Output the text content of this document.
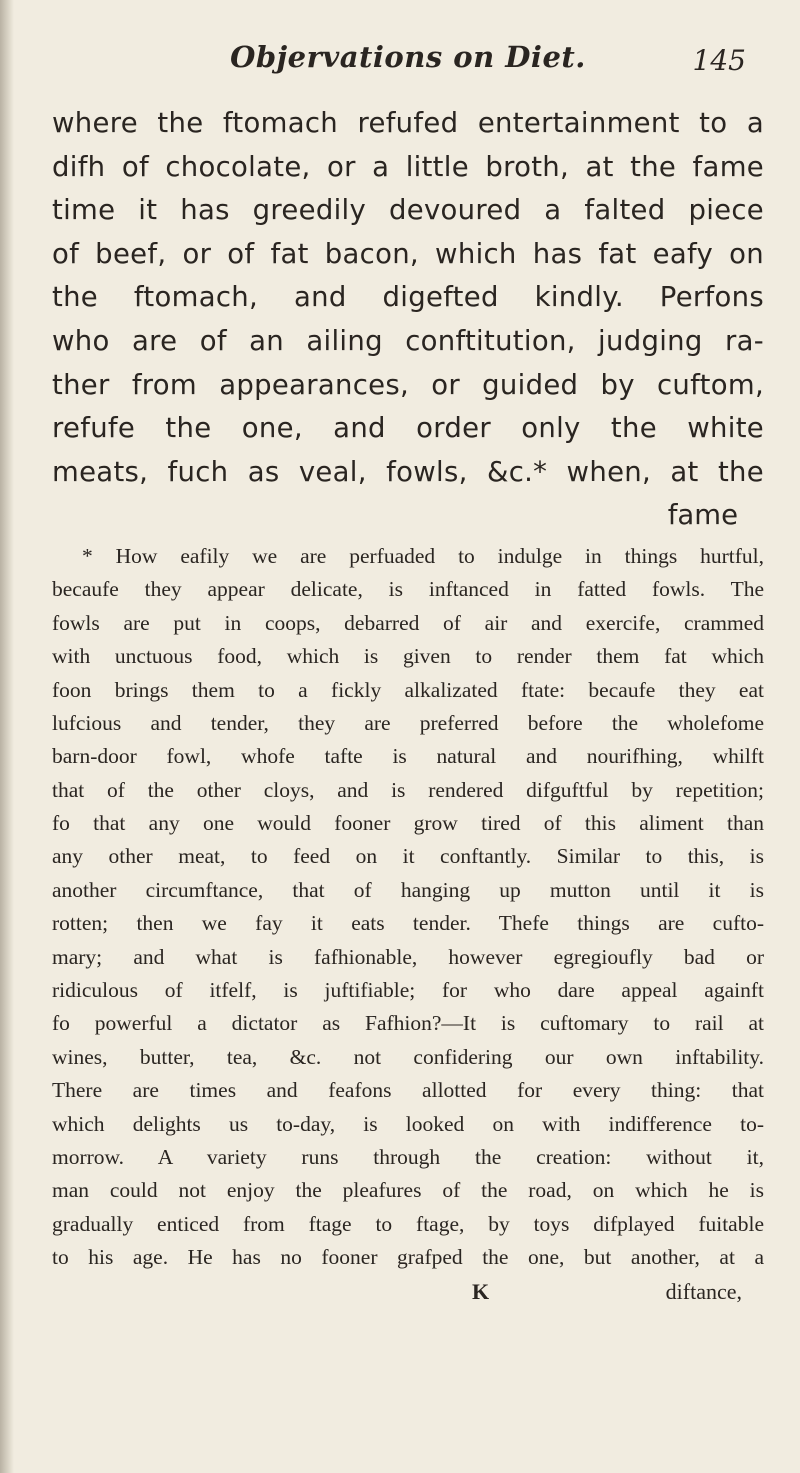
Objervations on Diet.	145
where the ftomach refufed entertainment to a
difh of chocolate, or a little broth, at the fame
time it has greedily devoured a falted piece
of beef, or of fat bacon, which has fat eafy on
the ftomach, and digefted kindly. Perfons
who are of an ailing conftitution, judging ra-
ther from appearances, or guided by cuftom,
refufe the one, and order only the white
meats, fuch as veal, fowls, &c.* when, at the
fame
* How eafily we are perfuaded to indulge in things hurtful,
becaufe they appear delicate, is inftanced in fatted fowls. The
fowls are put in coops, debarred of air and exercife, crammed
with unctuous food, which is given to render them fat which
foon brings them to a fickly alkalizated ftate: becaufe they eat
lufcious and tender, they are preferred before the wholefome
barn-door fowl, whofe tafte is natural and nourifhing, whilft
that of the other cloys, and is rendered difguftful by repetition;
fo that any one would fooner grow tired of this aliment than
any other meat, to feed on it conftantly. Similar to this, is
another circumftance, that of hanging up mutton until it is
rotten; then we fay it eats tender. Thefe things are cufto-
mary; and what is fafhionable, however egregioufly bad or
ridiculous of itfelf, is juftifiable; for who dare appeal againft
fo powerful a dictator as Fafhion?—It is cuftomary to rail at
wines, butter, tea, &c. not confidering our own inftability.
There are times and feafons allotted for every thing: that
which delights us to-day, is looked on with indifference to-
morrow. A variety runs through the creation: without it,
man could not enjoy the pleafures of the road, on which he is
gradually enticed from ftage to ftage, by toys difplayed fuitable
to his age. He has no fooner grafped the one, but another, at a
K	diftance,
